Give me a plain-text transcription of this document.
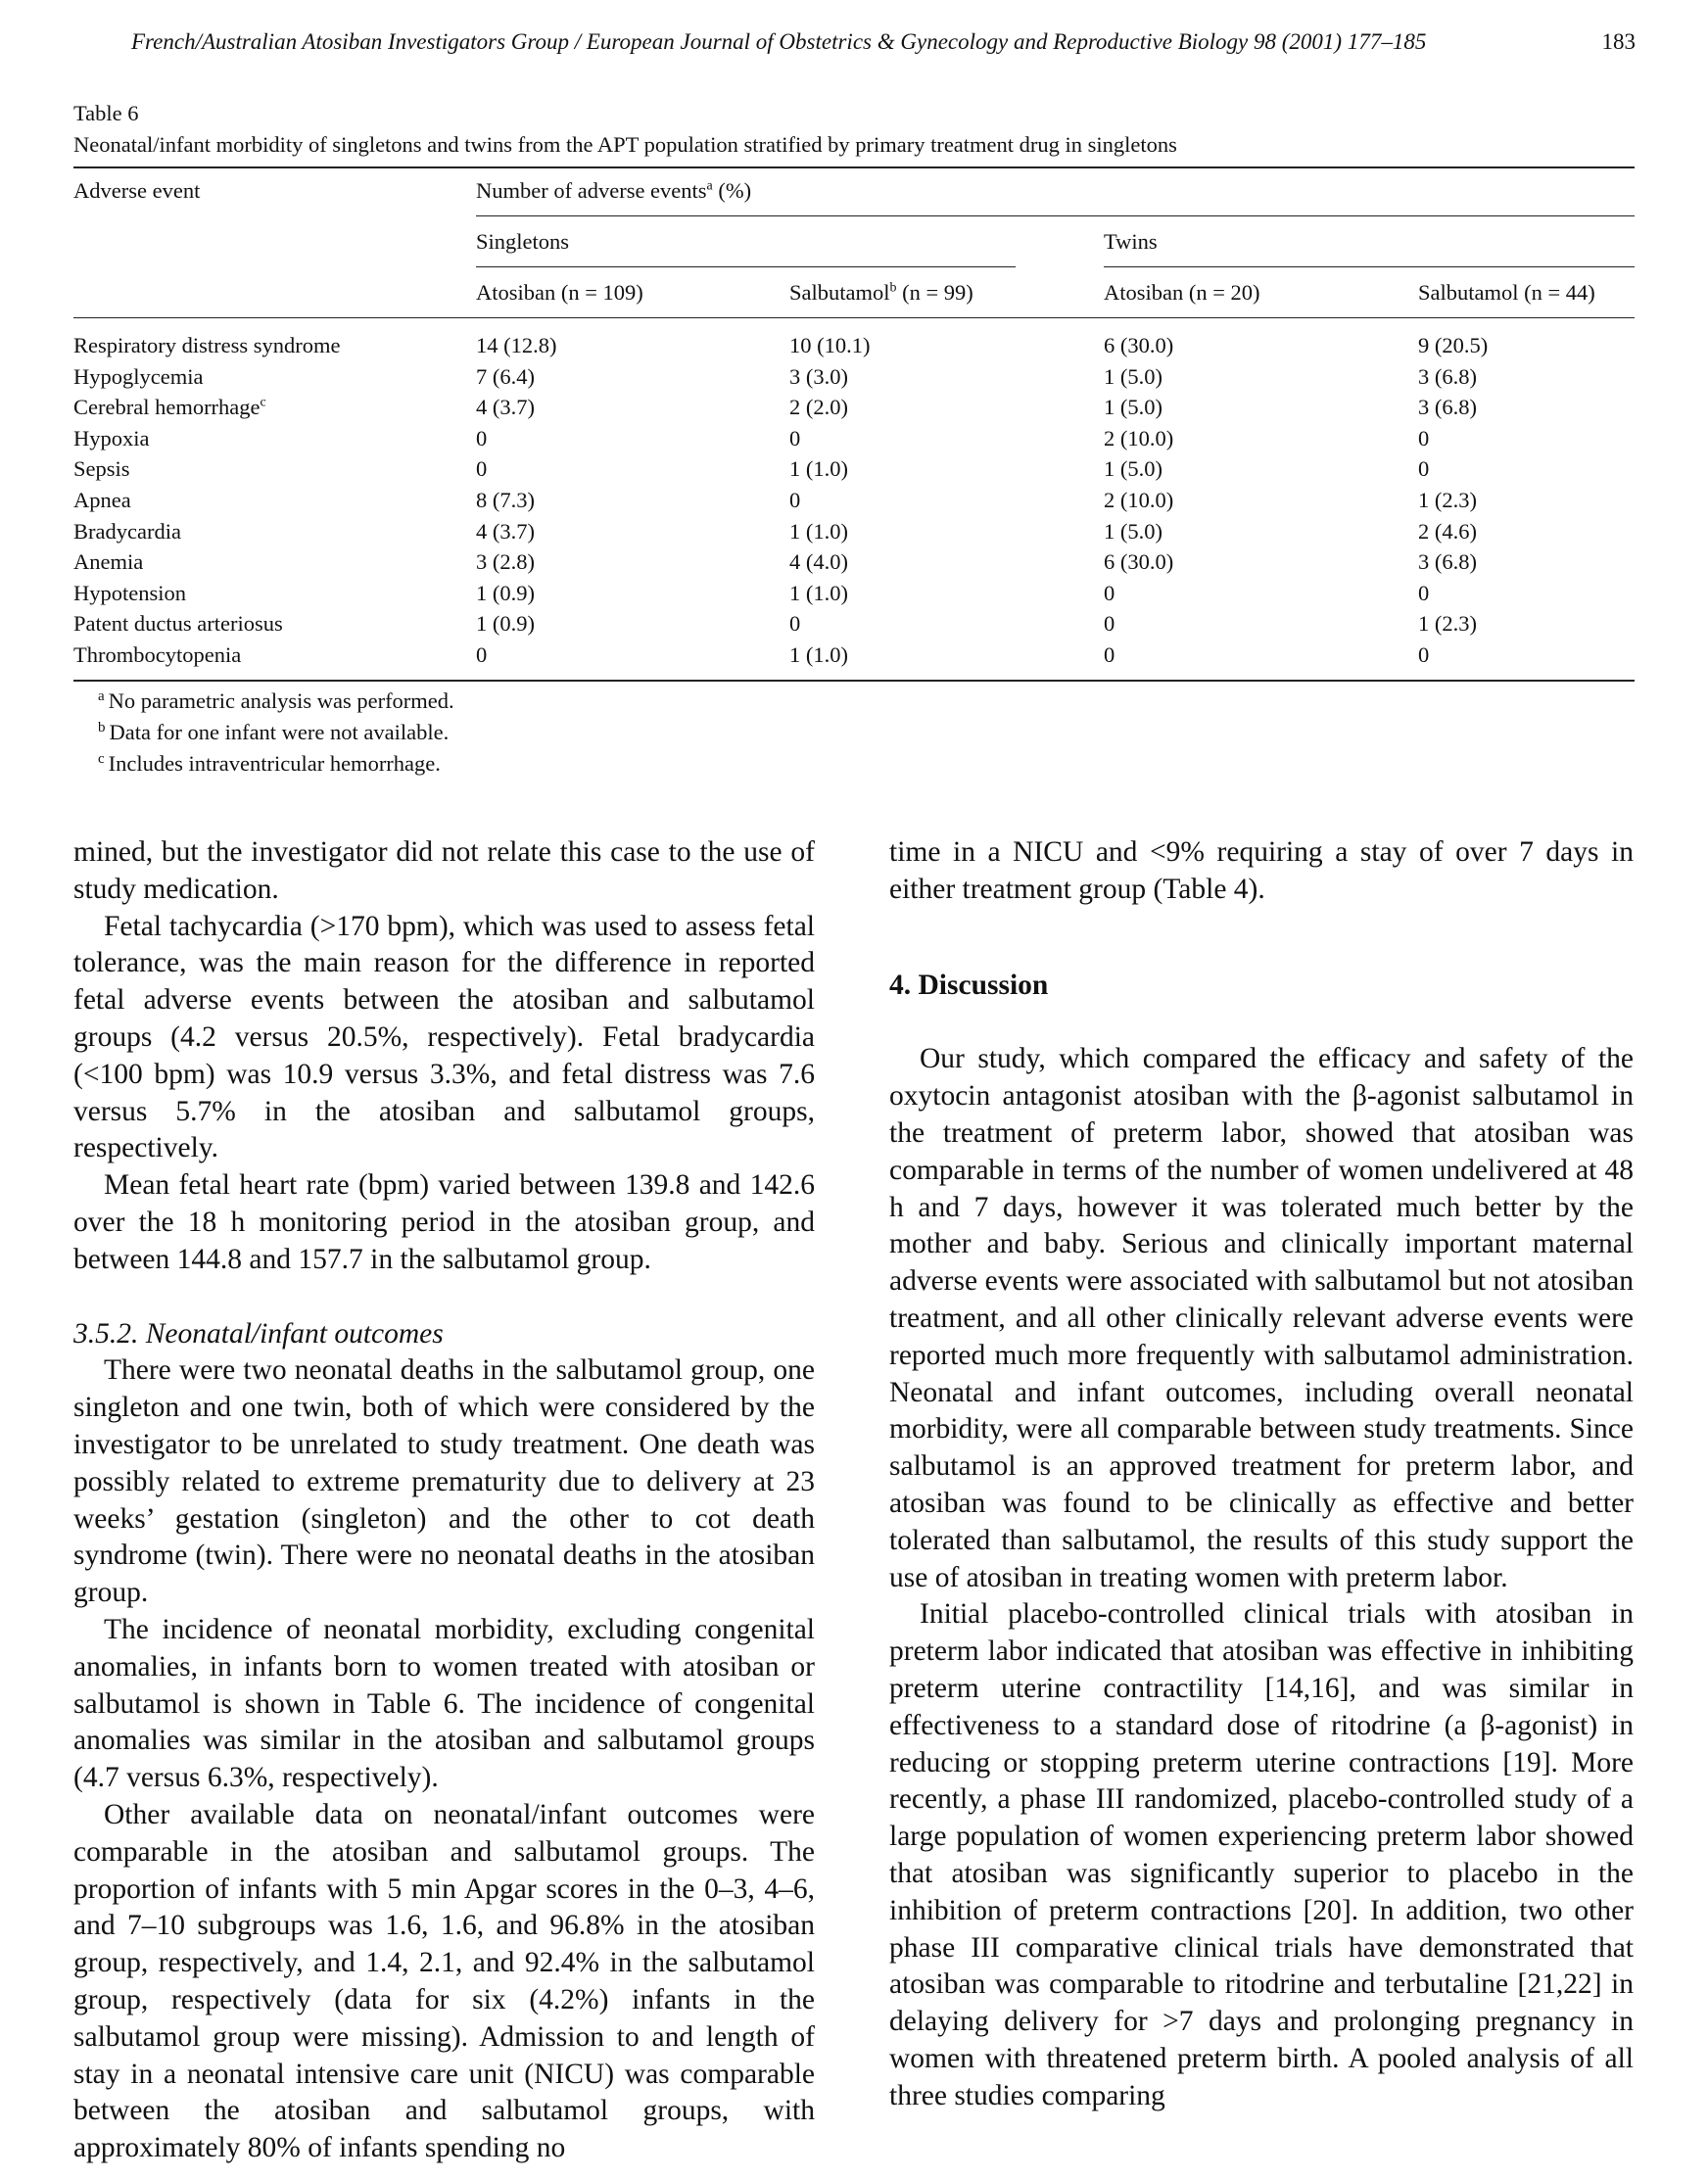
French/Australian Atosiban Investigators Group / European Journal of Obstetrics & Gynecology and Reproductive Biology 98 (2001) 177–185	183
Table 6
Neonatal/infant morbidity of singletons and twins from the APT population stratified by primary treatment drug in singletons
Adverse event	Number of adverse events$^a$ (%)
Singletons	Twins
Atosiban (n = 109)	Salbutamol$^b$ (n = 99)	Atosiban (n = 20)	Salbutamol (n = 44)
Respiratory distress syndrome	14 (12.8)	10 (10.1)	6 (30.0)	9 (20.5)
Hypoglycemia	7 (6.4)	3 (3.0)	1 (5.0)	3 (6.8)
Cerebral hemorrhage$^c$	4 (3.7)	2 (2.0)	1 (5.0)	3 (6.8)
Hypoxia	0	0	2 (10.0)	0
Sepsis	0	1 (1.0)	1 (5.0)	0
Apnea	8 (7.3)	0	2 (10.0)	1 (2.3)
Bradycardia	4 (3.7)	1 (1.0)	1 (5.0)	2 (4.6)
Anemia	3 (2.8)	4 (4.0)	6 (30.0)	3 (6.8)
Hypotension	1 (0.9)	1 (1.0)	0	0
Patent ductus arteriosus	1 (0.9)	0	0	1 (2.3)
Thrombocytopenia	0	1 (1.0)	0	0
$^a$ No parametric analysis was performed.
$^b$ Data for one infant were not available.
$^c$ Includes intraventricular hemorrhage.

mined, but the investigator did not relate this case to the use of study medication.

Fetal tachycardia (>170 bpm), which was used to assess fetal tolerance, was the main reason for the difference in reported fetal adverse events between the atosiban and salbutamol groups (4.2 versus 20.5%, respectively). Fetal bradycardia (<100 bpm) was 10.9 versus 3.3%, and fetal distress was 7.6 versus 5.7% in the atosiban and salbutamol groups, respectively.

Mean fetal heart rate (bpm) varied between 139.8 and 142.6 over the 18 h monitoring period in the atosiban group, and between 144.8 and 157.7 in the salbutamol group.

3.5.2. Neonatal/infant outcomes

There were two neonatal deaths in the salbutamol group, one singleton and one twin, both of which were considered by the investigator to be unrelated to study treatment. One death was possibly related to extreme prematurity due to delivery at 23 weeks’ gestation (singleton) and the other to cot death syndrome (twin). There were no neonatal deaths in the atosiban group.

The incidence of neonatal morbidity, excluding congenital anomalies, in infants born to women treated with atosiban or salbutamol is shown in Table 6. The incidence of congenital anomalies was similar in the atosiban and salbutamol groups (4.7 versus 6.3%, respectively).

Other available data on neonatal/infant outcomes were comparable in the atosiban and salbutamol groups. The proportion of infants with 5 min Apgar scores in the 0–3, 4–6, and 7–10 subgroups was 1.6, 1.6, and 96.8% in the atosiban group, respectively, and 1.4, 2.1, and 92.4% in the salbutamol group, respectively (data for six (4.2%) infants in the salbutamol group were missing). Admission to and length of stay in a neonatal intensive care unit (NICU) was comparable between the atosiban and salbutamol groups, with approximately 80% of infants spending no

time in a NICU and <9% requiring a stay of over 7 days in either treatment group (Table 4).

4. Discussion

Our study, which compared the efficacy and safety of the oxytocin antagonist atosiban with the β-agonist salbutamol in the treatment of preterm labor, showed that atosiban was comparable in terms of the number of women undelivered at 48 h and 7 days, however it was tolerated much better by the mother and baby. Serious and clinically important maternal adverse events were associated with salbutamol but not atosiban treatment, and all other clinically relevant adverse events were reported much more frequently with salbutamol administration. Neonatal and infant outcomes, including overall neonatal morbidity, were all comparable between study treatments. Since salbutamol is an approved treatment for preterm labor, and atosiban was found to be clinically as effective and better tolerated than salbutamol, the results of this study support the use of atosiban in treating women with preterm labor.

Initial placebo-controlled clinical trials with atosiban in preterm labor indicated that atosiban was effective in inhibiting preterm uterine contractility [14,16], and was similar in effectiveness to a standard dose of ritodrine (a β-agonist) in reducing or stopping preterm uterine contractions [19]. More recently, a phase III randomized, placebo-controlled study of a large population of women experiencing preterm labor showed that atosiban was significantly superior to placebo in the inhibition of preterm contractions [20]. In addition, two other phase III comparative clinical trials have demonstrated that atosiban was comparable to ritodrine and terbutaline [21,22] in delaying delivery for >7 days and prolonging pregnancy in women with threatened preterm birth. A pooled analysis of all three studies comparing
